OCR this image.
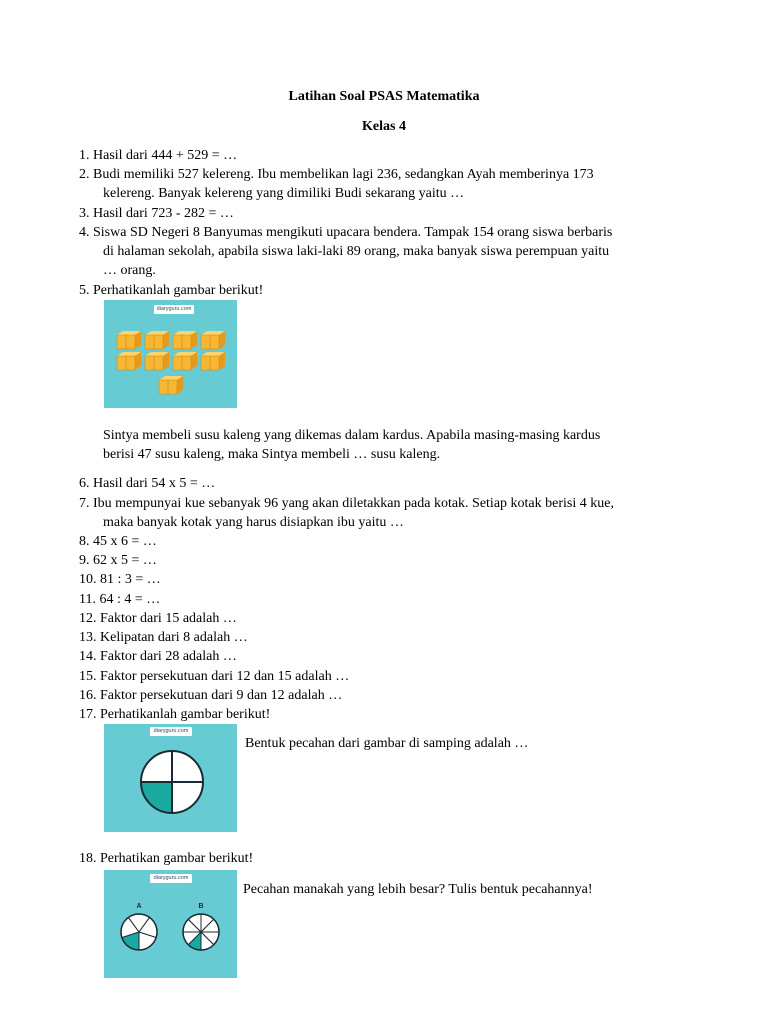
Latihan Soal PSAS Matematika
Kelas 4
1. Hasil dari 444 + 529 = …
2. Budi memiliki 527 kelereng. Ibu membelikan lagi 236, sedangkan Ayah memberinya 173
kelereng. Banyak kelereng yang dimiliki Budi sekarang yaitu …
3. Hasil dari 723 - 282 = …
4. Siswa SD Negeri 8 Banyumas mengikuti upacara bendera. Tampak 154 orang siswa berbaris
di halaman sekolah, apabila siswa laki-laki 89 orang, maka banyak siswa perempuan yaitu
… orang.
5. Perhatikanlah gambar berikut!
diaryguru.com
Sintya membeli susu kaleng yang dikemas dalam kardus. Apabila masing-masing kardus
berisi 47 susu kaleng, maka Sintya membeli … susu kaleng.
6. Hasil dari 54 x 5 = …
7. Ibu mempunyai kue sebanyak 96 yang akan diletakkan pada kotak. Setiap kotak berisi 4 kue,
maka banyak kotak yang harus disiapkan ibu yaitu …
8. 45 x 6 = …
9. 62 x 5 = …
10. 81 : 3 = …
11. 64 : 4 = …
12. Faktor dari 15 adalah …
13. Kelipatan dari 8 adalah …
14. Faktor dari 28 adalah …
15. Faktor persekutuan dari 12 dan 15 adalah …
16. Faktor persekutuan dari 9 dan 12 adalah …
17. Perhatikanlah gambar berikut!
diaryguru.com
Bentuk pecahan dari gambar di samping adalah …
18. Perhatikan gambar berikut!
diaryguru.com
A	B
Pecahan manakah yang lebih besar? Tulis bentuk pecahannya!
